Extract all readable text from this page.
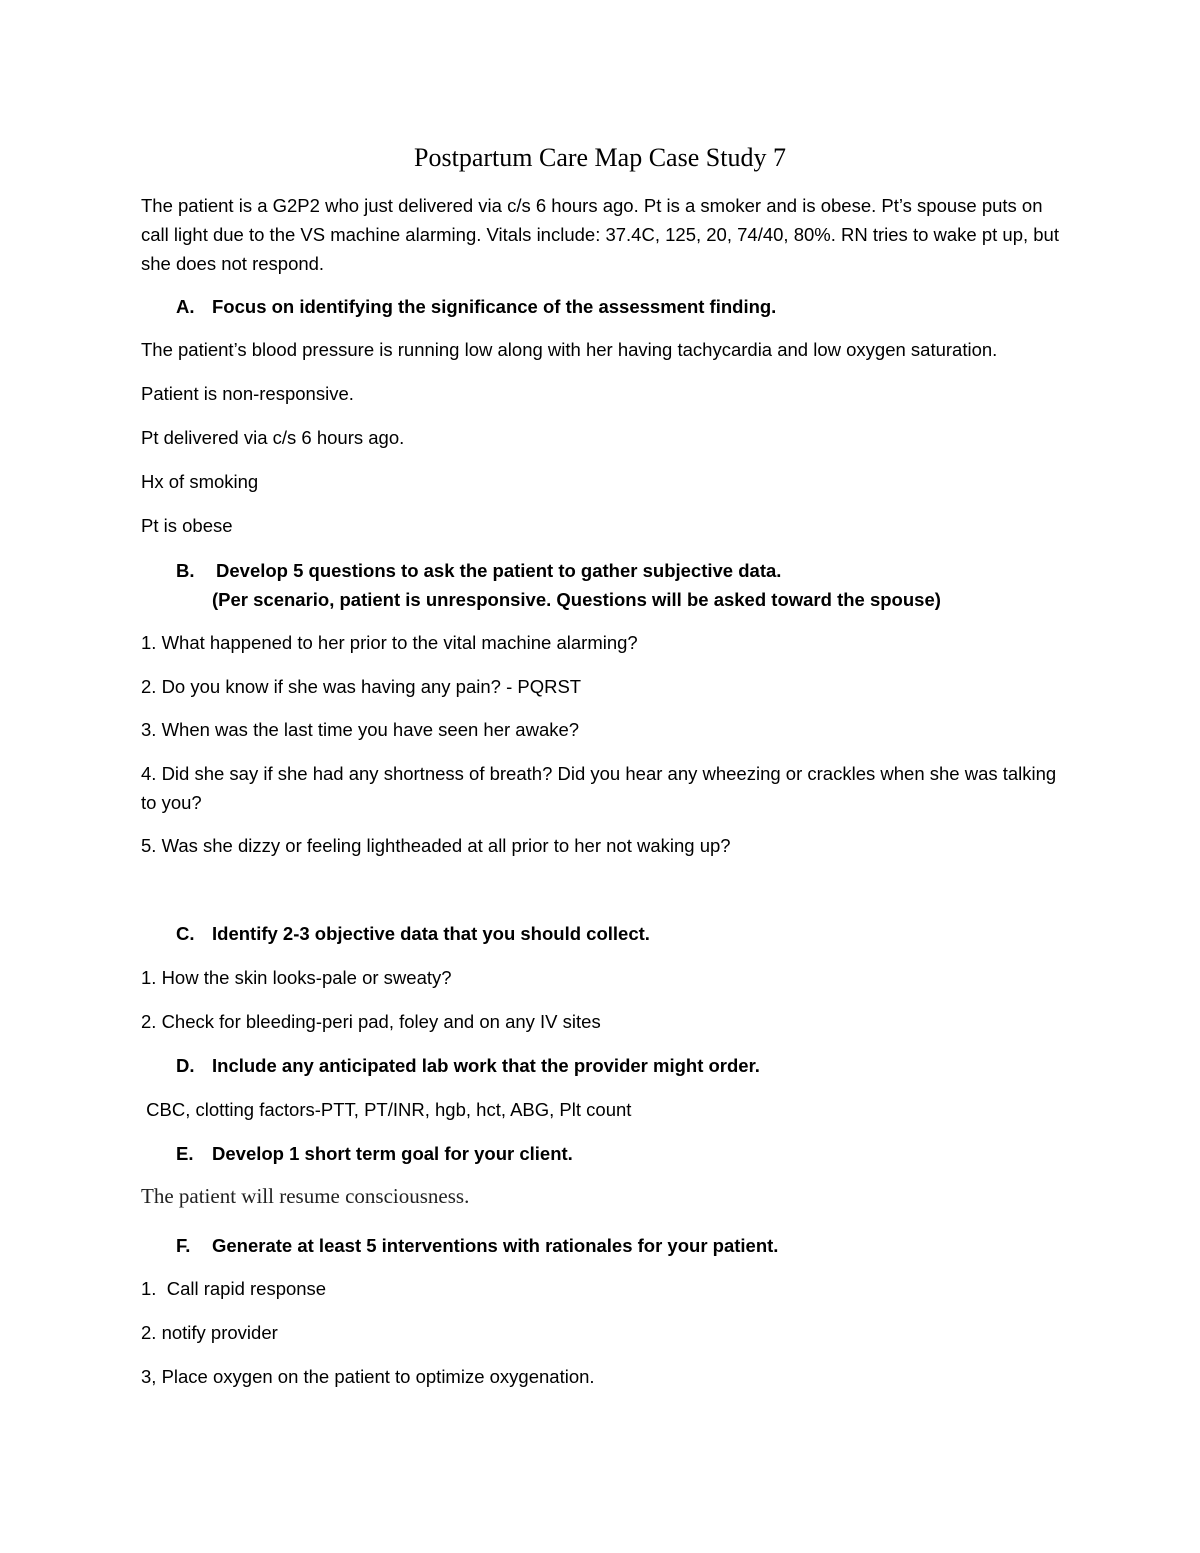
Postpartum Care Map Case Study 7

The patient is a G2P2 who just delivered via c/s 6 hours ago. Pt is a smoker and is obese. Pt’s spouse puts on call light due to the VS machine alarming. Vitals include: 37.4C, 125, 20, 74/40, 80%. RN tries to wake pt up, but she does not respond.

A. Focus on identifying the significance of the assessment finding.

The patient’s blood pressure is running low along with her having tachycardia and low oxygen saturation.

Patient is non-responsive.

Pt delivered via c/s 6 hours ago.

Hx of smoking

Pt is obese

B. Develop 5 questions to ask the patient to gather subjective data.

(Per scenario, patient is unresponsive. Questions will be asked toward the spouse)

1. What happened to her prior to the vital machine alarming?

2. Do you know if she was having any pain? - PQRST

3. When was the last time you have seen her awake?

4. Did she say if she had any shortness of breath? Did you hear any wheezing or crackles when she was talking to you?

5. Was she dizzy or feeling lightheaded at all prior to her not waking up?

C. Identify 2-3 objective data that you should collect.

1. How the skin looks-pale or sweaty?

2. Check for bleeding-peri pad, foley and on any IV sites

D. Include any anticipated lab work that the provider might order.

CBC, clotting factors-PTT, PT/INR, hgb, hct, ABG, Plt count

E. Develop 1 short term goal for your client.

The patient will resume consciousness.

F. Generate at least 5 interventions with rationales for your patient.

1.  Call rapid response

2. notify provider

3, Place oxygen on the patient to optimize oxygenation.
